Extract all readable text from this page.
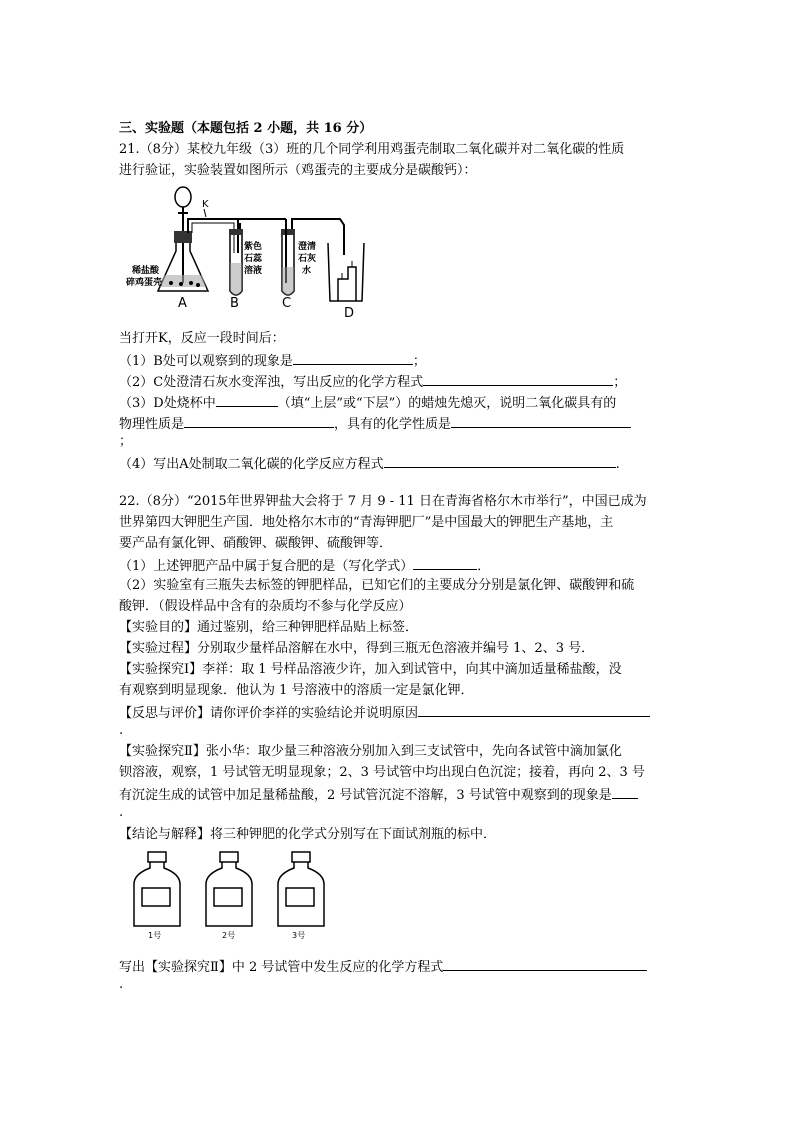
三、实验题（本题包括 2 小题，共 16 分）
21.（8分）某校九年级（3）班的几个同学利用鸡蛋壳制取二氧化碳并对二氧化碳的性质
进行验证，实验装置如图所示（鸡蛋壳的主要成分是碳酸钙）：
K
稀盐酸
碎鸡蛋壳
紫色
石蕊
溶液
澄清
石灰
水
A	B	C
D
当打开K，反应一段时间后：
（1）B处可以观察到的现象是	；
（2）C处澄清石灰水变浑浊，写出反应的化学方程式	；
（3）D处烧杯中	（填“上层”或“下层”）的蜡烛先熄灭，说明二氧化碳具有的
物理性质是	，具有的化学性质是
；
（4）写出A处制取二氧化碳的化学反应方程式	.
22.（8分）“2015年世界钾盐大会将于 7 月 9 - 11 日在青海省格尔木市举行”，中国已成为
世界第四大钾肥生产国．地处格尔木市的“青海钾肥厂”是中国最大的钾肥生产基地，主
要产品有氯化钾、硝酸钾、碳酸钾、硫酸钾等．
（1）上述钾肥产品中属于复合肥的是（写化学式）	．
（2）实验室有三瓶失去标签的钾肥样品，已知它们的主要成分分别是氯化钾、碳酸钾和硫
酸钾．（假设样品中含有的杂质均不参与化学反应）
【实验目的】通过鉴别，给三种钾肥样品贴上标签．
【实验过程】分别取少量样品溶解在水中，得到三瓶无色溶液并编号 1、2、3 号．
【实验探究Ⅰ】李祥：取 1 号样品溶液少许，加入到试管中，向其中滴加适量稀盐酸，没
有观察到明显现象．他认为 1 号溶液中的溶质一定是氯化钾．
【反思与评价】请你评价李祥的实验结论并说明原因
.
【实验探究Ⅱ】张小华：取少量三种溶液分别加入到三支试管中，先向各试管中滴加氯化
钡溶液，观察，1 号试管无明显现象；2、3 号试管中均出现白色沉淀；接着，再向 2、3 号
有沉淀生成的试管中加足量稀盐酸，2 号试管沉淀不溶解，3 号试管中观察到的现象是
.
【结论与解释】将三种钾肥的化学式分别写在下面试剂瓶的标中．
1号	2号	3号
写出【实验探究Ⅱ】中 2 号试管中发生反应的化学方程式
.
